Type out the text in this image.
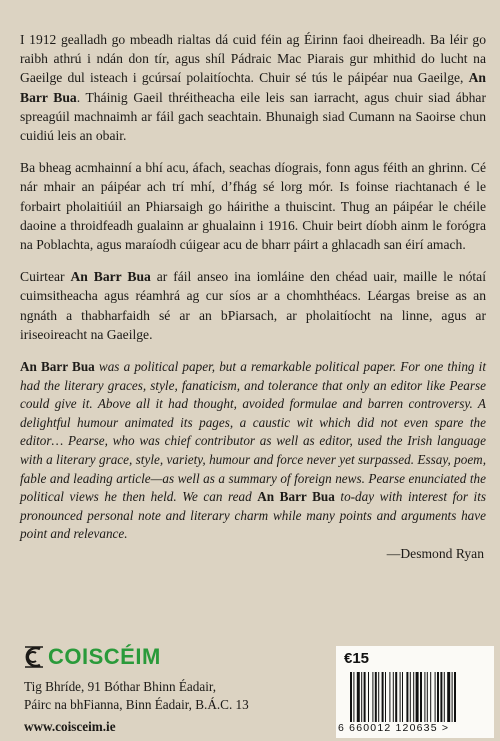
I 1912 gealladh go mbeadh rialtas dá cuid féin ag Éirinn faoi dheireadh. Ba léir go raibh athrú i ndán don tír, agus shíl Pádraic Mac Piarais gur mhithid do lucht na Gaeilge dul isteach i gcúrsaí polaitíochta. Chuir sé tús le páipéar nua Gaeilge, An Barr Bua. Tháinig Gaeil thréitheacha eile leis san iarracht, agus chuir siad ábhar spreagúil machnaimh ar fáil gach seachtain. Bhunaigh siad Cumann na Saoirse chun cuidiú leis an obair.

Ba bheag acmhainní a bhí acu, áfach, seachas díograis, fonn agus féith an ghrinn. Cé nár mhair an páipéar ach trí mhí, d’fhág sé lorg mór. Is foinse riachtanach é le forbairt pholaitiúil an Phiarsaigh go háirithe a thuiscint. Thug an páipéar le chéile daoine a throidfeadh gualainn ar ghualainn i 1916. Chuir beirt díobh ainm le forógra na Poblachta, agus maraíodh cúigear acu de bharr páirt a ghlacadh san éirí amach.

Cuirtear An Barr Bua ar fáil anseo ina iomláine den chéad uair, maille le nótaí cuimsitheacha agus réamhrá ag cur síos ar a chomhthéacs. Léargas breise as an ngnáth a thabharfaidh sé ar an bPiarsach, ar pholaitíocht na linne, agus ar iriseoireacht na Gaeilge.

An Barr Bua was a political paper, but a remarkable political paper. For one thing it had the literary graces, style, fanaticism, and tolerance that only an editor like Pearse could give it. Above all it had thought, avoided formulae and barren controversy. A delightful humour animated its pages, a caustic wit which did not even spare the editor… Pearse, who was chief contributor as well as editor, used the Irish language with a literary grace, style, variety, humour and force never yet surpassed. Essay, poem, fable and leading article—as well as a summary of foreign news. Pearse enunciated the political views he then held. We can read An Barr Bua to-day with interest for its pronounced personal note and literary charm while many points and arguments have point and relevance.

—Desmond Ryan
COISCÉIM
Tig Bhríde, 91 Bóthar Bhinn Éadair,
Páirc na bhFianna, Binn Éadair, B.Á.C. 13
www.coisceim.ie
€15
6 660012 120635 >
